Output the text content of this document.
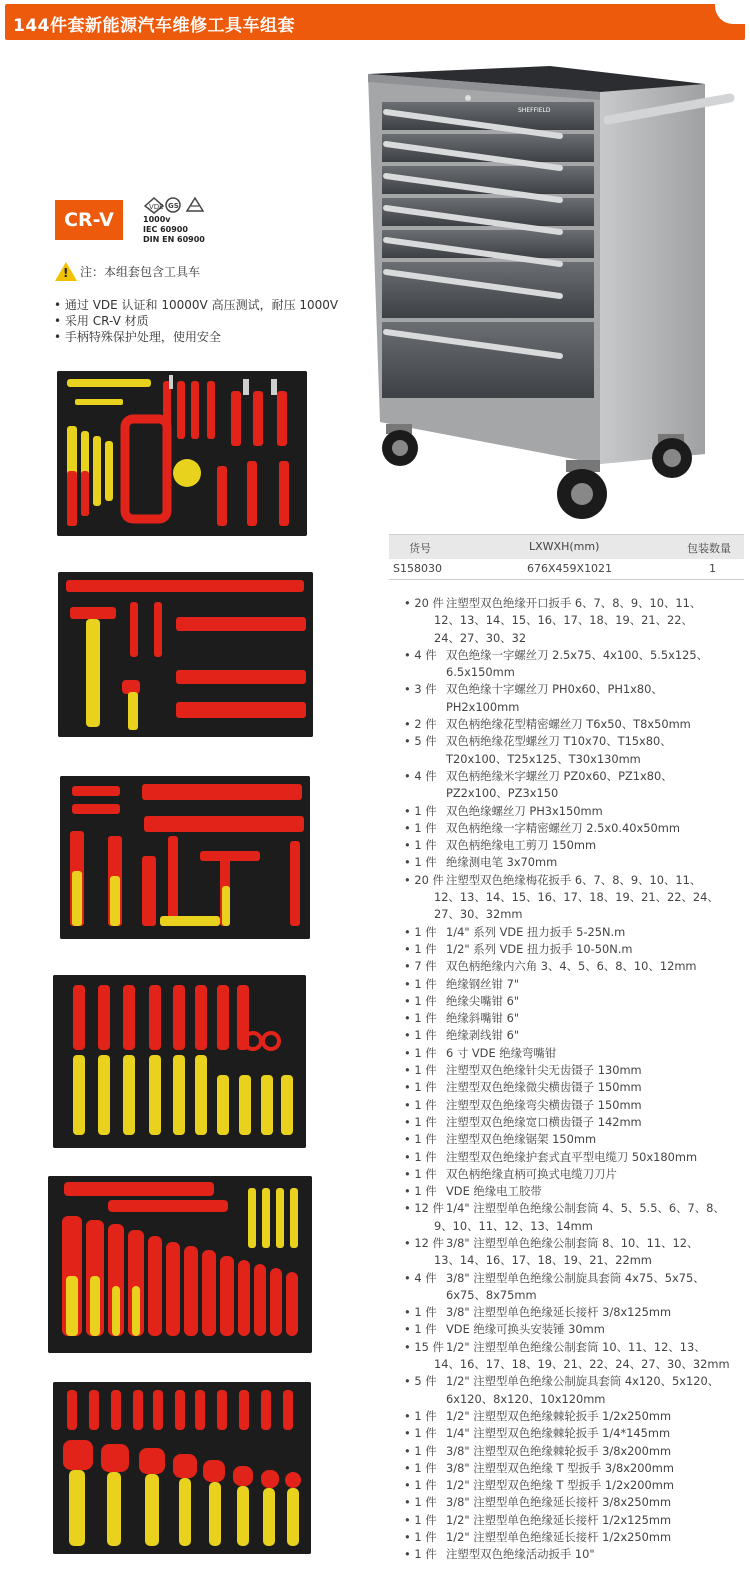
144件套新能源汽车维修工具车组套
CR-V
VDE GS
1000v
IEC 60900
DIN EN 60900
! 注：本组套包含工具车
• 通过 VDE 认证和 10000V 高压测试，耐压 1000V
• 采用 CR-V 材质
• 手柄特殊保护处理，使用安全
SHEFFIELD
货号	LXWXH(mm)	包装数量
S158030	676X459X1021	1
• 20 件 注塑型双色绝缘开口扳手 6、7、8、9、10、11、
12、13、14、15、16、17、18、19、21、22、
24、27、30、32
• 4 件 双色绝缘一字螺丝刀 2.5x75、4x100、5.5x125、
6.5x150mm
• 3 件 双色绝缘十字螺丝刀 PH0x60、PH1x80、
PH2x100mm
• 2 件 双色柄绝缘花型精密螺丝刀 T6x50、T8x50mm
• 5 件 双色柄绝缘花型螺丝刀 T10x70、T15x80、
T20x100、T25x125、T30x130mm
• 4 件 双色柄绝缘米字螺丝刀 PZ0x60、PZ1x80、
PZ2x100、PZ3x150
• 1 件 双色绝缘螺丝刀 PH3x150mm
• 1 件 双色柄绝缘一字精密螺丝刀 2.5x0.40x50mm
• 1 件 双色柄绝缘电工剪刀 150mm
• 1 件 绝缘测电笔 3x70mm
• 20 件 注塑型双色绝缘梅花扳手 6、7、8、9、10、11、
12、13、14、15、16、17、18、19、21、22、24、
27、30、32mm
• 1 件 1/4" 系列 VDE 扭力扳手 5-25N.m
• 1 件 1/2" 系列 VDE 扭力扳手 10-50N.m
• 7 件 双色柄绝缘内六角 3、4、5、6、8、10、12mm
• 1 件 绝缘钢丝钳 7"
• 1 件 绝缘尖嘴钳 6"
• 1 件 绝缘斜嘴钳 6"
• 1 件 绝缘剥线钳 6"
• 1 件 6 寸 VDE 绝缘弯嘴钳
• 1 件 注塑型双色绝缘针尖无齿镊子 130mm
• 1 件 注塑型双色绝缘微尖横齿镊子 150mm
• 1 件 注塑型双色绝缘弯尖横齿镊子 150mm
• 1 件 注塑型双色绝缘宽口横齿镊子 142mm
• 1 件 注塑型双色绝缘锯架 150mm
• 1 件 注塑型双色绝缘护套式直平型电缆刀 50x180mm
• 1 件 双色柄绝缘直柄可换式电缆刀刀片
• 1 件 VDE 绝缘电工胶带
• 12 件 1/4" 注塑型单色绝缘公制套筒 4、5、5.5、6、7、8、
9、10、11、12、13、14mm
• 12 件 3/8" 注塑型单色绝缘公制套筒 8、10、11、12、
13、14、16、17、18、19、21、22mm
• 4 件 3/8" 注塑型单色绝缘公制旋具套筒 4x75、5x75、
6x75、8x75mm
• 1 件 3/8" 注塑型单色绝缘延长接杆 3/8x125mm
• 1 件 VDE 绝缘可换头安装锤 30mm
• 15 件 1/2" 注塑型单色绝缘公制套筒 10、11、12、13、
14、16、17、18、19、21、22、24、27、30、32mm
• 5 件 1/2" 注塑型单色绝缘公制旋具套筒 4x120、5x120、
6x120、8x120、10x120mm
• 1 件 1/2" 注塑型双色绝缘棘轮扳手 1/2x250mm
• 1 件 1/4" 注塑型双色绝缘棘轮扳手 1/4*145mm
• 1 件 3/8" 注塑型双色绝缘棘轮扳手 3/8x200mm
• 1 件 3/8" 注塑型双色绝缘 T 型扳手 3/8x200mm
• 1 件 1/2" 注塑型双色绝缘 T 型扳手 1/2x200mm
• 1 件 3/8" 注塑型单色绝缘延长接杆 3/8x250mm
• 1 件 1/2" 注塑型单色绝缘延长接杆 1/2x125mm
• 1 件 1/2" 注塑型单色绝缘延长接杆 1/2x250mm
• 1 件 注塑型双色绝缘活动扳手 10"
